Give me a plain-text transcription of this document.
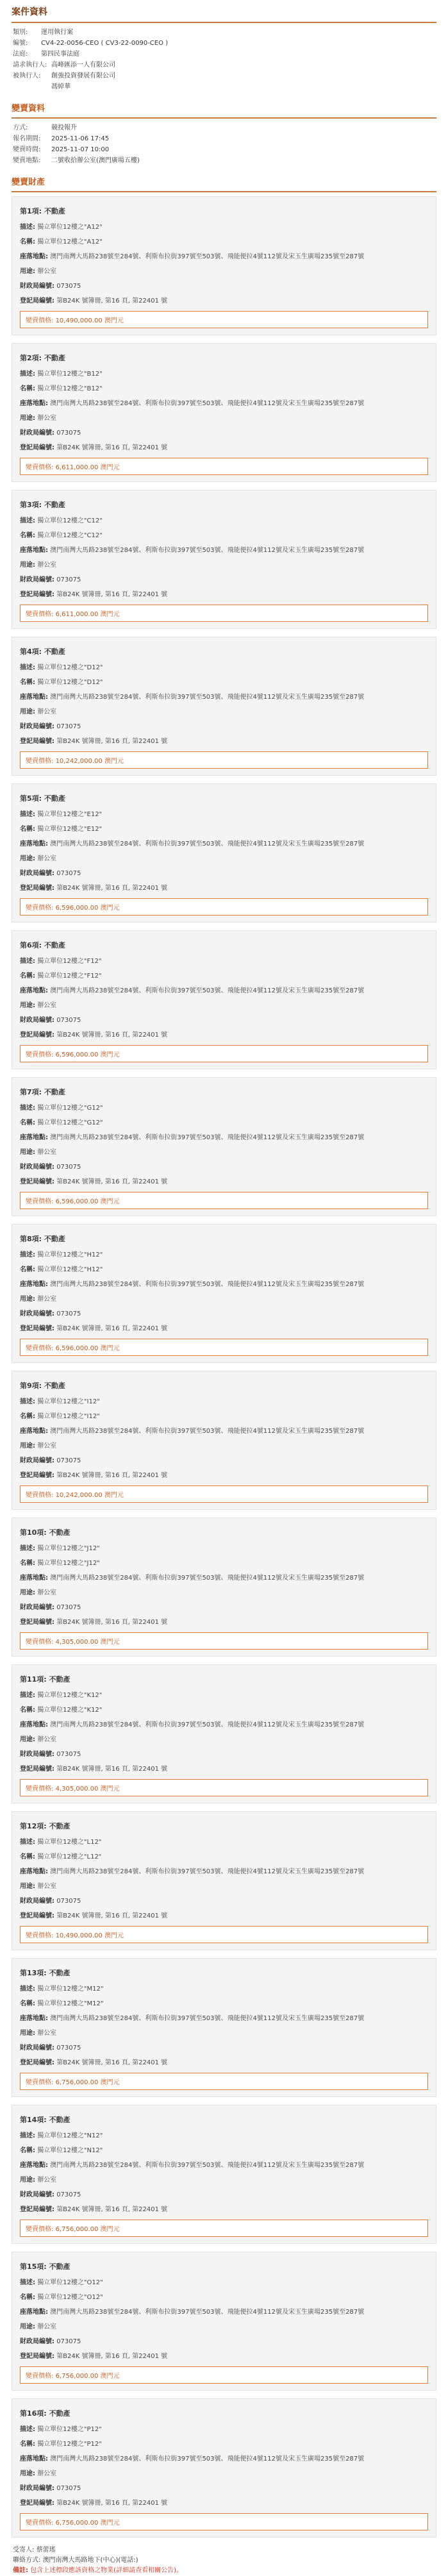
案件資料
類別: 運用執行案
編號: CV4-22-0056-CEO ( CV3-22-0090-CEO )
法庭: 第四民事法庭
請求執行人: 高峰匯添一人有限公司
被執行人: 創強投資發展有限公司
馮綽華
變賣資料
方式:	競投報升
報名期間: 2025-11-06 17:45
變賣時間: 2025-11-07 10:00
變賣地點: 二號收拾辦公室(澳門廣場五樓)
變賣財產
第1項: 不動產
描述: 獨立單位12樓之"A12"
名稱: 獨立單位12樓之"A12"
座落地點: 澳門南灣大馬路238號至284號、利斯布拉街397號至503號、飛能便拉4號112號及宋玉生廣場235號至287號
用途: 辦公室
財政局編號: 073075
登記局編號: 第B24K 號簿冊, 第16 頁, 第22401 號
變賣價格: 10,490,000.00 澳門元
第2項: 不動產
描述: 獨立單位12樓之"B12"
名稱: 獨立單位12樓之"B12"
座落地點: 澳門南灣大馬路238號至284號、利斯布拉街397號至503號、飛能便拉4號112號及宋玉生廣場235號至287號
用途: 辦公室
財政局編號: 073075
登記局編號: 第B24K 號簿冊, 第16 頁, 第22401 號
變賣價格: 6,611,000.00 澳門元
第3項: 不動產
描述: 獨立單位12樓之"C12"
名稱: 獨立單位12樓之"C12"
座落地點: 澳門南灣大馬路238號至284號、利斯布拉街397號至503號、飛能便拉4號112號及宋玉生廣場235號至287號
用途: 辦公室
財政局編號: 073075
登記局編號: 第B24K 號簿冊, 第16 頁, 第22401 號
變賣價格: 6,611,000.00 澳門元
第4項: 不動產
描述: 獨立單位12樓之"D12"
名稱: 獨立單位12樓之"D12"
座落地點: 澳門南灣大馬路238號至284號、利斯布拉街397號至503號、飛能便拉4號112號及宋玉生廣場235號至287號
用途: 辦公室
財政局編號: 073075
登記局編號: 第B24K 號簿冊, 第16 頁, 第22401 號
變賣價格: 10,242,000.00 澳門元
第5項: 不動產
描述: 獨立單位12樓之"E12"
名稱: 獨立單位12樓之"E12"
座落地點: 澳門南灣大馬路238號至284號、利斯布拉街397號至503號、飛能便拉4號112號及宋玉生廣場235號至287號
用途: 辦公室
財政局編號: 073075
登記局編號: 第B24K 號簿冊, 第16 頁, 第22401 號
變賣價格: 6,596,000.00 澳門元
第6項: 不動產
描述: 獨立單位12樓之"F12"
名稱: 獨立單位12樓之"F12"
座落地點: 澳門南灣大馬路238號至284號、利斯布拉街397號至503號、飛能便拉4號112號及宋玉生廣場235號至287號
用途: 辦公室
財政局編號: 073075
登記局編號: 第B24K 號簿冊, 第16 頁, 第22401 號
變賣價格: 6,596,000.00 澳門元
第7項: 不動產
描述: 獨立單位12樓之"G12"
名稱: 獨立單位12樓之"G12"
座落地點: 澳門南灣大馬路238號至284號、利斯布拉街397號至503號、飛能便拉4號112號及宋玉生廣場235號至287號
用途: 辦公室
財政局編號: 073075
登記局編號: 第B24K 號簿冊, 第16 頁, 第22401 號
變賣價格: 6,596,000.00 澳門元
第8項: 不動產
描述: 獨立單位12樓之"H12"
名稱: 獨立單位12樓之"H12"
座落地點: 澳門南灣大馬路238號至284號、利斯布拉街397號至503號、飛能便拉4號112號及宋玉生廣場235號至287號
用途: 辦公室
財政局編號: 073075
登記局編號: 第B24K 號簿冊, 第16 頁, 第22401 號
變賣價格: 6,596,000.00 澳門元
第9項: 不動產
描述: 獨立單位12樓之"I12"
名稱: 獨立單位12樓之"I12"
座落地點: 澳門南灣大馬路238號至284號、利斯布拉街397號至503號、飛能便拉4號112號及宋玉生廣場235號至287號
用途: 辦公室
財政局編號: 073075
登記局編號: 第B24K 號簿冊, 第16 頁, 第22401 號
變賣價格: 10,242,000.00 澳門元
第10項: 不動產
描述: 獨立單位12樓之"J12"
名稱: 獨立單位12樓之"J12"
座落地點: 澳門南灣大馬路238號至284號、利斯布拉街397號至503號、飛能便拉4號112號及宋玉生廣場235號至287號
用途: 辦公室
財政局編號: 073075
登記局編號: 第B24K 號簿冊, 第16 頁, 第22401 號
變賣價格: 4,305,000.00 澳門元
第11項: 不動產
描述: 獨立單位12樓之"K12"
名稱: 獨立單位12樓之"K12"
座落地點: 澳門南灣大馬路238號至284號、利斯布拉街397號至503號、飛能便拉4號112號及宋玉生廣場235號至287號
用途: 辦公室
財政局編號: 073075
登記局編號: 第B24K 號簿冊, 第16 頁, 第22401 號
變賣價格: 4,305,000.00 澳門元
第12項: 不動產
描述: 獨立單位12樓之"L12"
名稱: 獨立單位12樓之"L12"
座落地點: 澳門南灣大馬路238號至284號、利斯布拉街397號至503號、飛能便拉4號112號及宋玉生廣場235號至287號
用途: 辦公室
財政局編號: 073075
登記局編號: 第B24K 號簿冊, 第16 頁, 第22401 號
變賣價格: 10,490,000.00 澳門元
第13項: 不動產
描述: 獨立單位12樓之"M12"
名稱: 獨立單位12樓之"M12"
座落地點: 澳門南灣大馬路238號至284號、利斯布拉街397號至503號、飛能便拉4號112號及宋玉生廣場235號至287號
用途: 辦公室
財政局編號: 073075
登記局編號: 第B24K 號簿冊, 第16 頁, 第22401 號
變賣價格: 6,756,000.00 澳門元
第14項: 不動產
描述: 獨立單位12樓之"N12"
名稱: 獨立單位12樓之"N12"
座落地點: 澳門南灣大馬路238號至284號、利斯布拉街397號至503號、飛能便拉4號112號及宋玉生廣場235號至287號
用途: 辦公室
財政局編號: 073075
登記局編號: 第B24K 號簿冊, 第16 頁, 第22401 號
變賣價格: 6,756,000.00 澳門元
第15項: 不動產
描述: 獨立單位12樓之"O12"
名稱: 獨立單位12樓之"O12"
座落地點: 澳門南灣大馬路238號至284號、利斯布拉街397號至503號、飛能便拉4號112號及宋玉生廣場235號至287號
用途: 辦公室
財政局編號: 073075
登記局編號: 第B24K 號簿冊, 第16 頁, 第22401 號
變賣價格: 6,756,000.00 澳門元
第16項: 不動產
描述: 獨立單位12樓之"P12"
名稱: 獨立單位12樓之"P12"
座落地點: 澳門南灣大馬路238號至284號、利斯布拉街397號至503號、飛能便拉4號112號及宋玉生廣場235號至287號
用途: 辦公室
財政局編號: 073075
登記局編號: 第B24K 號簿冊, 第16 頁, 第22401 號
變賣價格: 6,756,000.00 澳門元
受寄人: 蔡蕾瑤
聯絡方式: 澳門南灣大馬路地下(中心)(電話:)
備註: 包含上述標段應該資格之物業(詳細請查看相關公告)。
